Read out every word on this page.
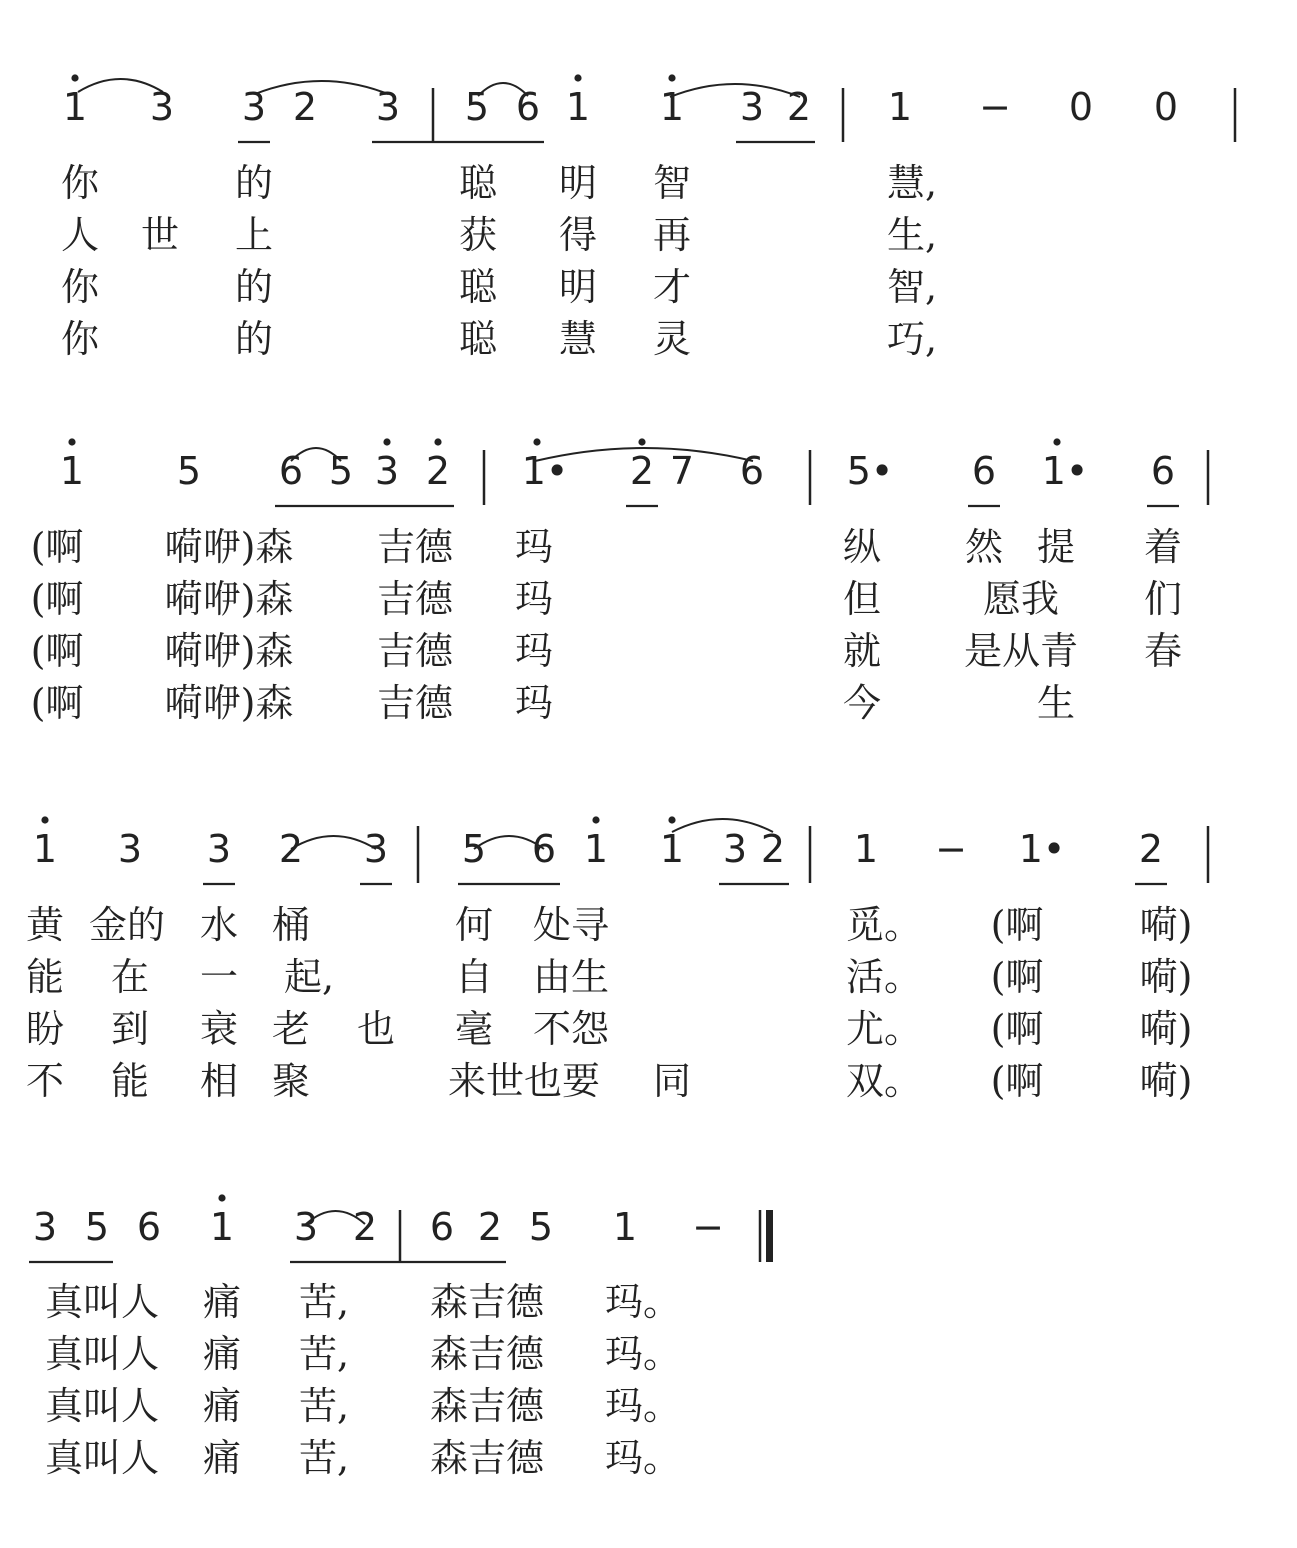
1 3 3 2 3 5 6 1 1 3 2 1 − 0 0
你	的	聪 明 智	慧,
人 世 上	获 得 再	生,
你	的	聪 明 才	智,
你	的	聪 慧 灵	巧,
1 5 6 5 3 2 1• 2 7 6 5• 6 1• 6
(啊 嗬咿)森 吉德 玛	纵 然 提 着
(啊 嗬咿)森 吉德 玛	但	愿我 们
(啊 嗬咿)森 吉德 玛	就 是从青 春
(啊 嗬咿)森 吉德 玛	今	生
1 3 3 2 3 5 6 1 1 3 2 1 − 1• 2
黄 金的 水 桶	何 处寻	觅。 (啊	嗬)
能 在 一 起,	自 由生	活。 (啊	嗬)
盼 到 衰 老 也 毫 不怨	尤。 (啊	嗬)
不 能 相 聚	来世也要 同	双。 (啊	嗬)
3 5 6 1 3 2 6 2 5 1 −
真叫人 痛 苦, 森吉德 玛。
真叫人 痛 苦, 森吉德 玛。
真叫人 痛 苦, 森吉德 玛。
真叫人 痛 苦, 森吉德 玛。
